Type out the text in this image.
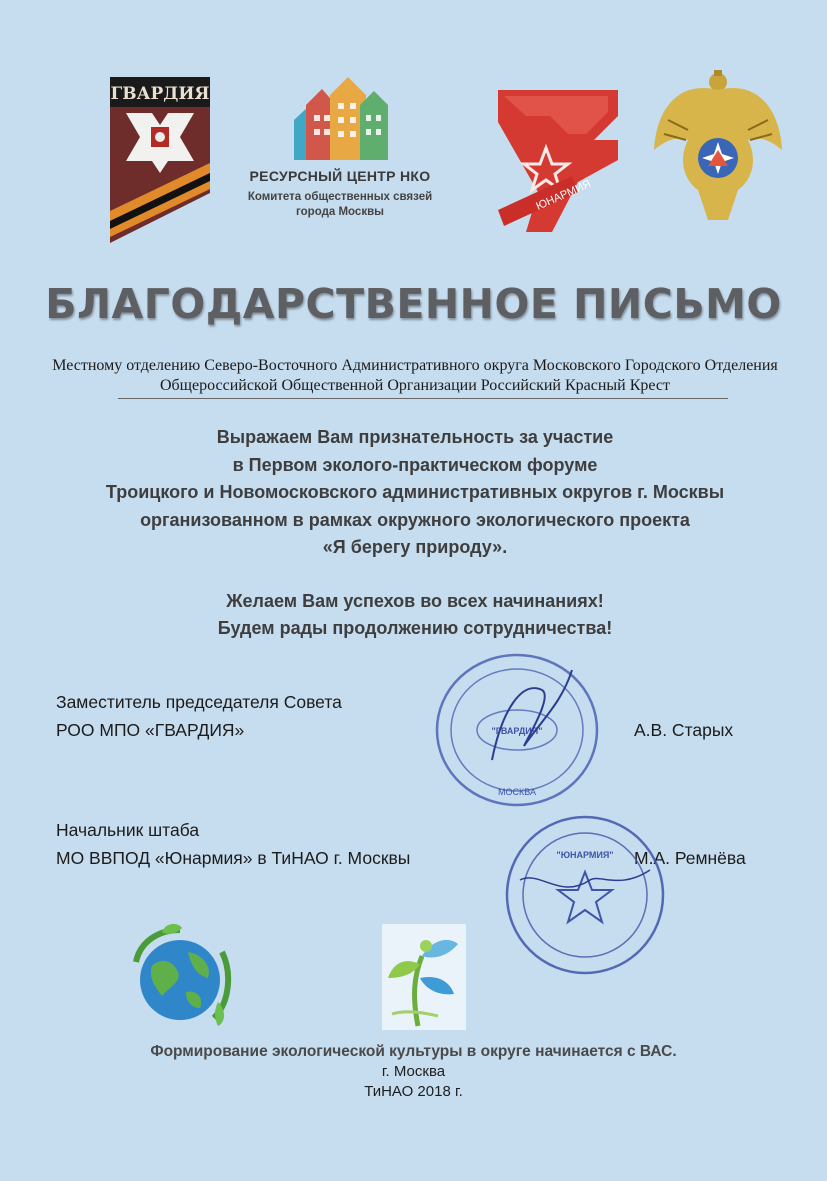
ГВАРДИЯ
РЕСУРСНЫЙ ЦЕНТР НКО
Комитета общественных связей
города Москвы	ЮНАРМИЯ
БЛАГОДАРСТВЕННОЕ ПИСЬМО
Местному отделению Северо-Восточного Административного округа Московского Городского Отделения
Общероссийской Общественной Организации Российский Красный Крест
Выражаем Вам признательность за участие
в Первом эколого-практическом форуме
Троицкого и Новомосковского административных округов г. Москвы
организованном в рамках окружного экологического проекта
«Я берегу природу».
Желаем Вам успехов во всех начинаниях!
Будем рады продолжению сотрудничества!
Заместитель председателя Совета
РОО МПО «ГВАРДИЯ»	А.В. Старых
"ГВАРДИЯ"
МОСКВА
Начальник штаба
МО ВВПОД «Юнармия» в ТиНАО г. Москвы	М.А. Ремнёва
"ЮНАРМИЯ"
Формирование экологической культуры в округе начинается с ВАС.
г. Москва
ТиНАО 2018 г.
